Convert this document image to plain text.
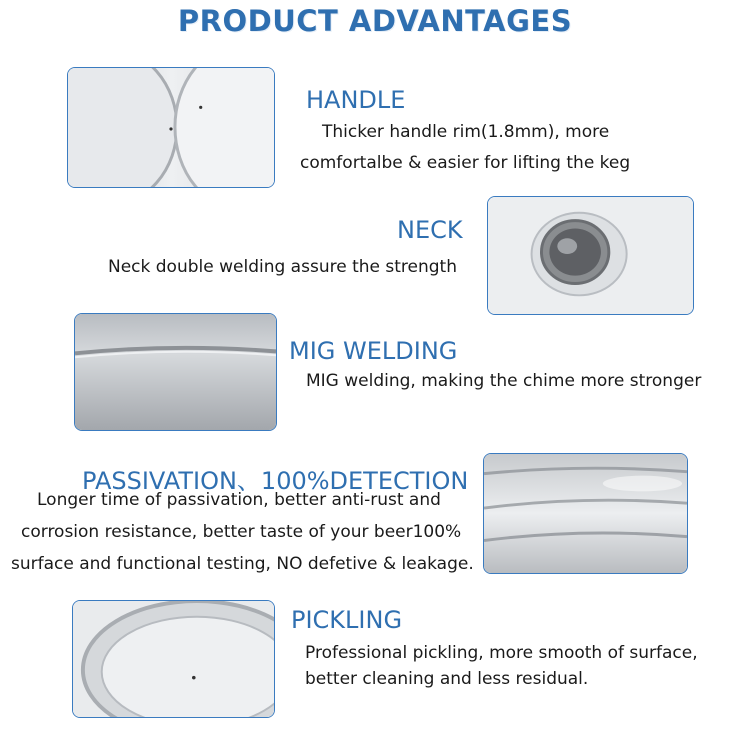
PRODUCT ADVANTAGES
HANDLE
Thicker handle rim(1.8mm), more
comfortalbe & easier for lifting the keg
NECK
Neck double welding assure the strength
MIG WELDING
MIG welding, making the chime more stronger
PASSIVATION、100%DETECTION
Longer time of passivation, better anti-rust and
corrosion resistance, better taste of your beer100%
surface and functional testing, NO defetive & leakage.
PICKLING
Professional pickling, more smooth of surface,
better cleaning and less residual.
